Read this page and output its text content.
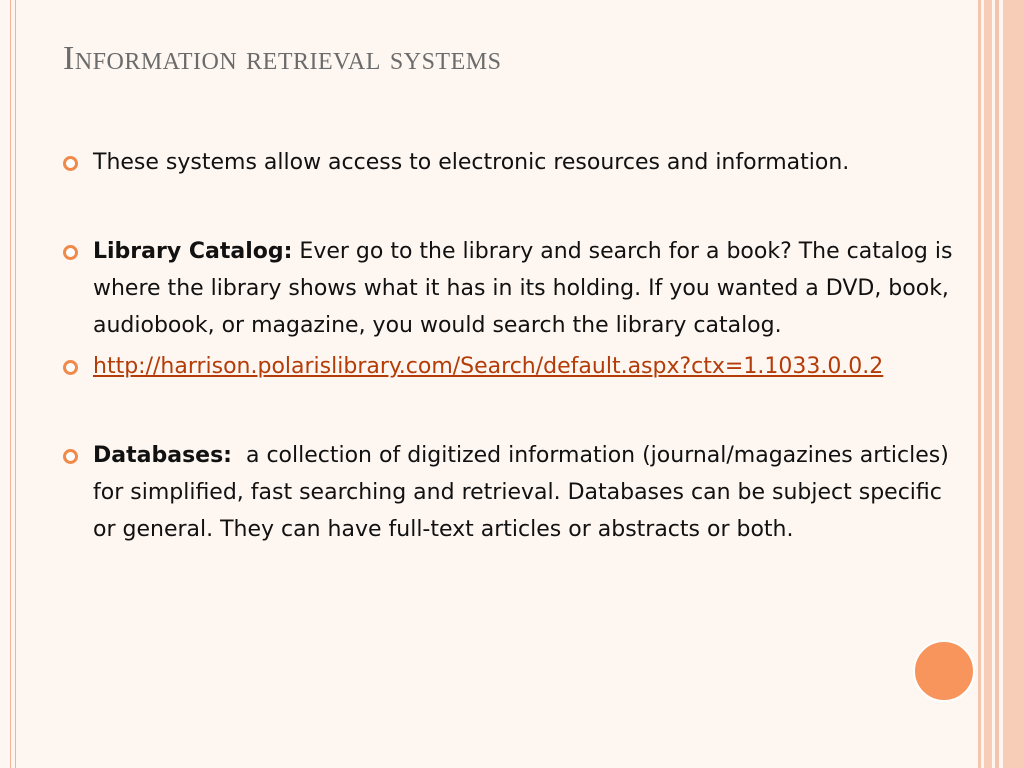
Information retrieval systems
These systems allow access to electronic resources and information.
Library Catalog: Ever go to the library and search for a book? The catalog is where the library shows what it has in its holding. If you wanted a DVD, book, audiobook, or magazine, you would search the library catalog.
http://harrison.polarislibrary.com/Search/default.aspx?ctx=1.1033.0.0.2
Databases:  a collection of digitized information (journal/magazines articles) for simplified, fast searching and retrieval. Databases can be subject specific or general. They can have full-text articles or abstracts or both.
